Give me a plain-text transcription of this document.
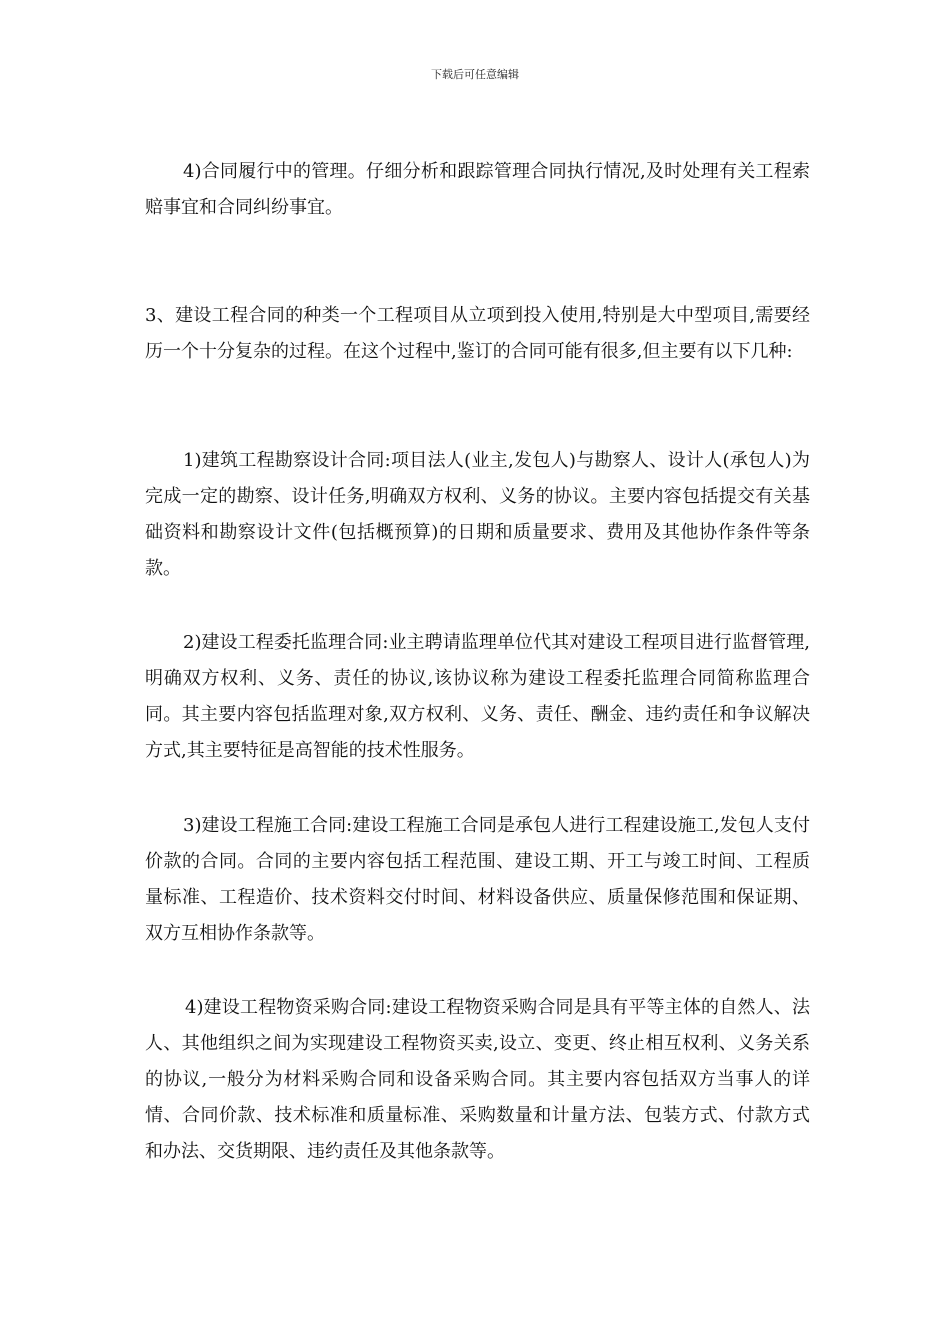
下载后可任意编辑

4)合同履行中的管理。仔细分析和跟踪管理合同执行情况,及时处理有关工程索赔事宜和合同纠纷事宜。

3、建设工程合同的种类一个工程项目从立项到投入使用,特别是大中型项目,需要经历一个十分复杂的过程。在这个过程中,鉴订的合同可能有很多,但主要有以下几种:

1)建筑工程勘察设计合同:项目法人(业主,发包人)与勘察人、设计人(承包人)为完成一定的勘察、设计任务,明确双方权利、义务的协议。主要内容包括提交有关基础资料和勘察设计文件(包括概预算)的日期和质量要求、费用及其他协作条件等条款。

2)建设工程委托监理合同:业主聘请监理单位代其对建设工程项目进行监督管理,明确双方权利、义务、责任的协议,该协议称为建设工程委托监理合同简称监理合同。其主要内容包括监理对象,双方权利、义务、责任、酬金、违约责任和争议解决方式,其主要特征是高智能的技术性服务。

3)建设工程施工合同:建设工程施工合同是承包人进行工程建设施工,发包人支付价款的合同。合同的主要内容包括工程范围、建设工期、开工与竣工时间、工程质量标准、工程造价、技术资料交付时间、材料设备供应、质量保修范围和保证期、双方互相协作条款等。

4)建设工程物资采购合同:建设工程物资采购合同是具有平等主体的自然人、法人、其他组织之间为实现建设工程物资买卖,设立、变更、终止相互权利、义务关系的协议,一般分为材料采购合同和设备采购合同。其主要内容包括双方当事人的详情、合同价款、技术标准和质量标准、采购数量和计量方法、包装方式、付款方式和办法、交货期限、违约责任及其他条款等。
